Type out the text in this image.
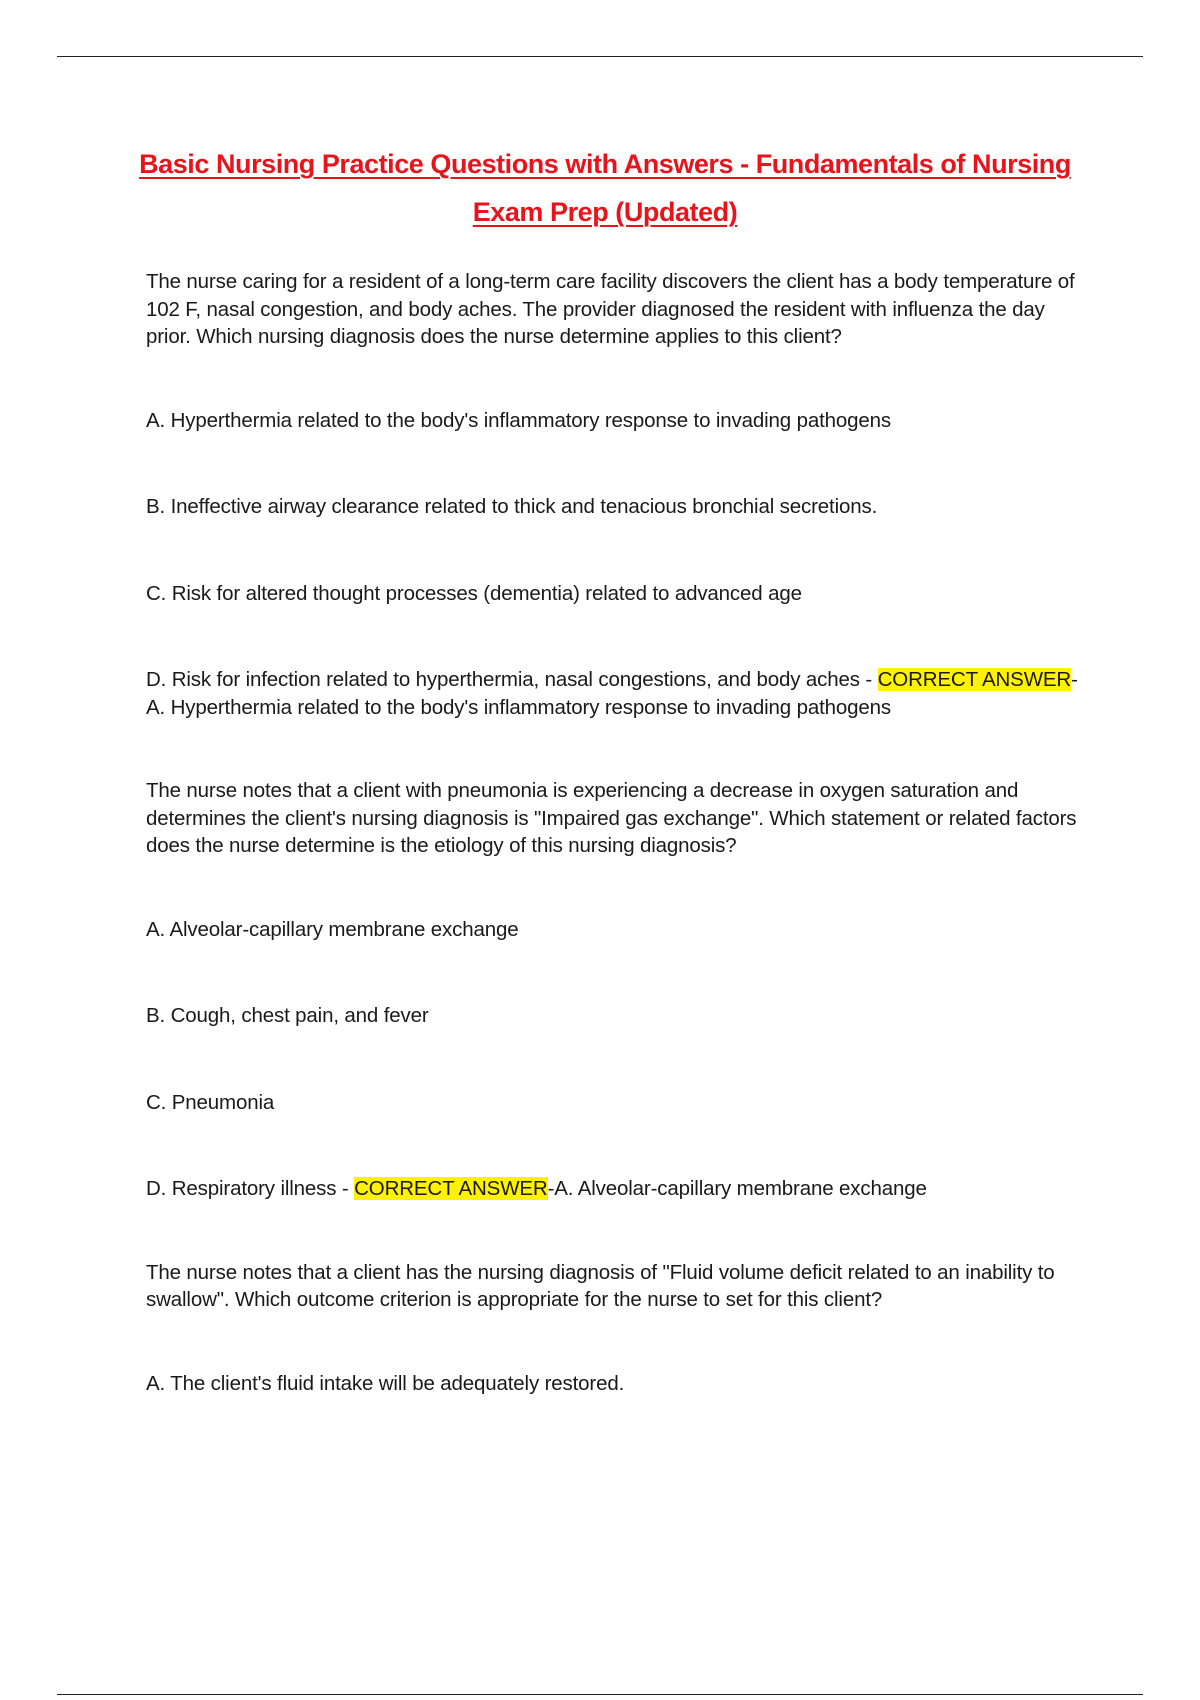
Basic Nursing Practice Questions with Answers - Fundamentals of Nursing Exam Prep (Updated)

The nurse caring for a resident of a long-term care facility discovers the client has a body temperature of 102 F, nasal congestion, and body aches. The provider diagnosed the resident with influenza the day prior. Which nursing diagnosis does the nurse determine applies to this client?

A. Hyperthermia related to the body's inflammatory response to invading pathogens

B. Ineffective airway clearance related to thick and tenacious bronchial secretions.

C. Risk for altered thought processes (dementia) related to advanced age

D. Risk for infection related to hyperthermia, nasal congestions, and body aches - CORRECT ANSWER-A. Hyperthermia related to the body's inflammatory response to invading pathogens

The nurse notes that a client with pneumonia is experiencing a decrease in oxygen saturation and determines the client's nursing diagnosis is "Impaired gas exchange". Which statement or related factors does the nurse determine is the etiology of this nursing diagnosis?

A. Alveolar-capillary membrane exchange

B. Cough, chest pain, and fever

C. Pneumonia

D. Respiratory illness - CORRECT ANSWER-A. Alveolar-capillary membrane exchange

The nurse notes that a client has the nursing diagnosis of "Fluid volume deficit related to an inability to swallow". Which outcome criterion is appropriate for the nurse to set for this client?

A. The client's fluid intake will be adequately restored.
